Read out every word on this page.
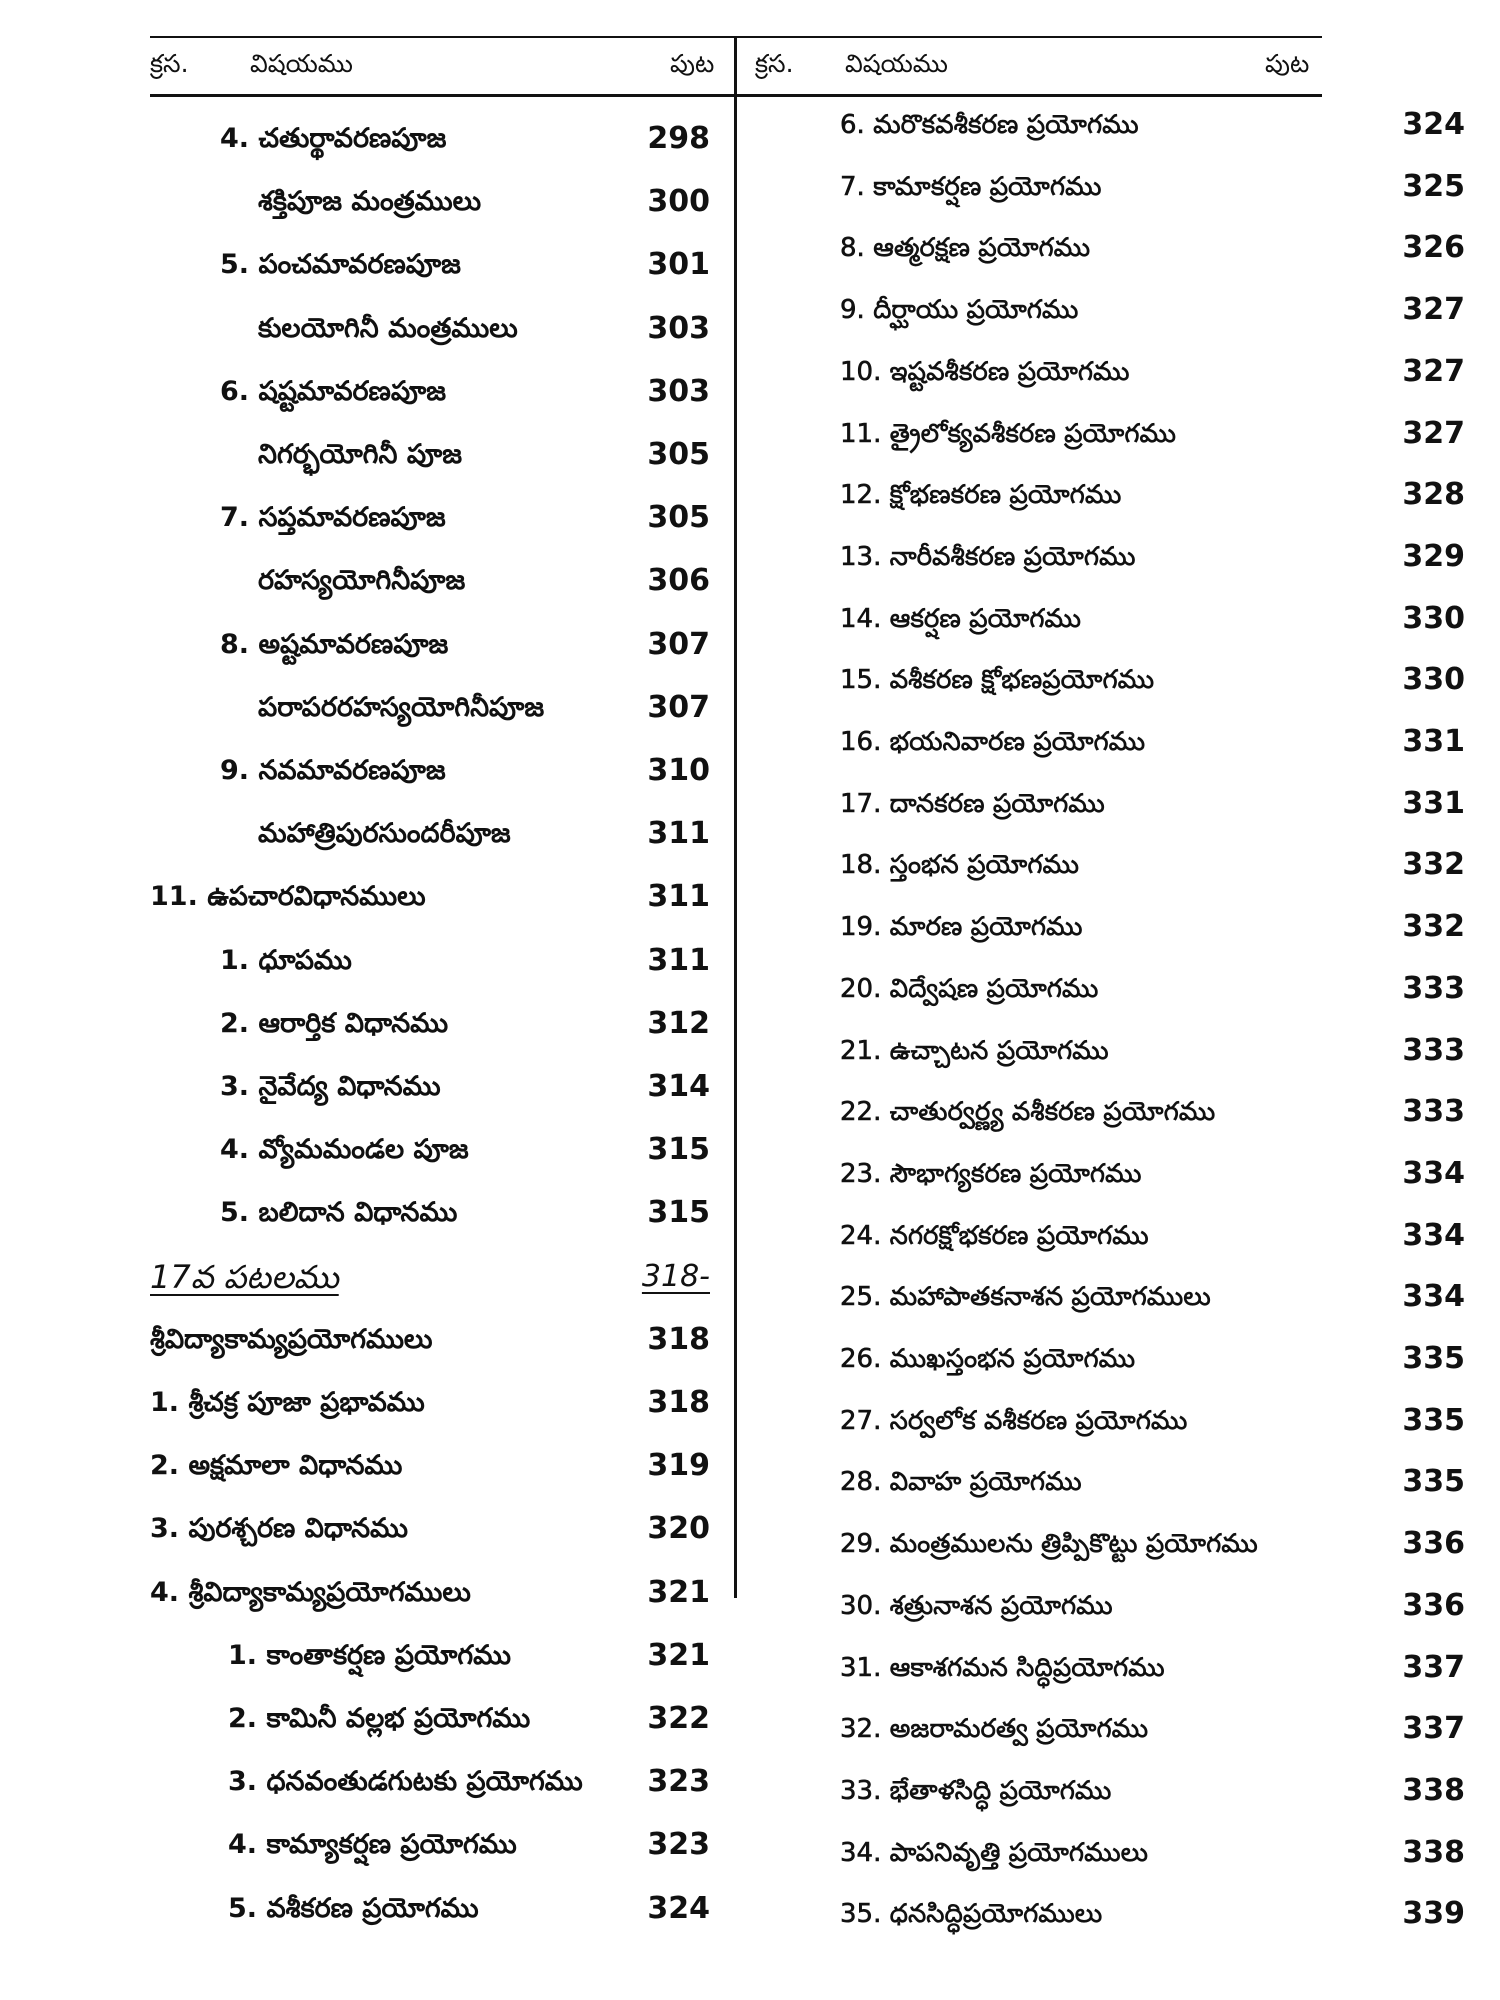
క్రస. విషయము	పుట క్రస. విషయము	పుట
4. చతుర్థావరణపూజ	298
శక్తిపూజ మంత్రములు	300
5. పంచమావరణపూజ	301
కులయోగినీ మంత్రములు	303
6. షష్టమావరణపూజ	303
నిగర్భయోగినీ పూజ	305
7. సప్తమావరణపూజ	305
రహస్యయోగినీపూజ	306
8. అష్టమావరణపూజ	307
పరాపరరహస్యయోగినీపూజ	307
9. నవమావరణపూజ	310
మహాత్రిపురసుందరీపూజ	311
11. ఉపచారవిధానములు	311
1. ధూపము	311
2. ఆరార్తిక విధానము	312
3. నైవేద్య విధానము	314
4. వ్యోమమండల పూజ	315
5. బలిదాన విధానము	315
17వ పటలము	318-
శ్రీవిద్యాకామ్యప్రయోగములు	318
1. శ్రీచక్ర పూజా ప్రభావము	318
2. అక్షమాలా విధానము	319
3. పురశ్చరణ విధానము	320
4. శ్రీవిద్యాకామ్యప్రయోగములు	321
1. కాంతాకర్షణ ప్రయోగము	321
2. కామినీ వల్లభ ప్రయోగము	322
3. ధనవంతుడగుటకు ప్రయోగము	323
4. కామ్యాకర్షణ ప్రయోగము	323
5. వశీకరణ ప్రయోగము	324
6. మరొకవశీకరణ ప్రయోగము	324
7. కామాకర్షణ ప్రయోగము	325
8. ఆత్మరక్షణ ప్రయోగము	326
9. దీర్ఘాయు ప్రయోగము	327
10. ఇష్టవశీకరణ ప్రయోగము	327
11. త్రైలోక్యవశీకరణ ప్రయోగము	327
12. క్షోభణకరణ ప్రయోగము	328
13. నారీవశీకరణ ప్రయోగము	329
14. ఆకర్షణ ప్రయోగము	330
15. వశీకరణ క్షోభణప్రయోగము	330
16. భయనివారణ ప్రయోగము	331
17. దానకరణ ప్రయోగము	331
18. స్తంభన ప్రయోగము	332
19. మారణ ప్రయోగము	332
20. విద్వేషణ ప్రయోగము	333
21. ఉచ్చాటన ప్రయోగము	333
22. చాతుర్వర్ణ్య వశీకరణ ప్రయోగము	333
23. సౌభాగ్యకరణ ప్రయోగము	334
24. నగరక్షోభకరణ ప్రయోగము	334
25. మహాపాతకనాశన ప్రయోగములు	334
26. ముఖస్తంభన ప్రయోగము	335
27. సర్వలోక వశీకరణ ప్రయోగము	335
28. వివాహ ప్రయోగము	335
29. మంత్రములను త్రిప్పికొట్టు ప్రయోగము	336
30. శత్రునాశన ప్రయోగము	336
31. ఆకాశగమన సిద్ధిప్రయోగము	337
32. అజరామరత్వ ప్రయోగము	337
33. భేతాళసిద్ధి ప్రయోగము	338
34. పాపనివృత్తి ప్రయోగములు	338
35. ధనసిద్ధిప్రయోగములు	339
